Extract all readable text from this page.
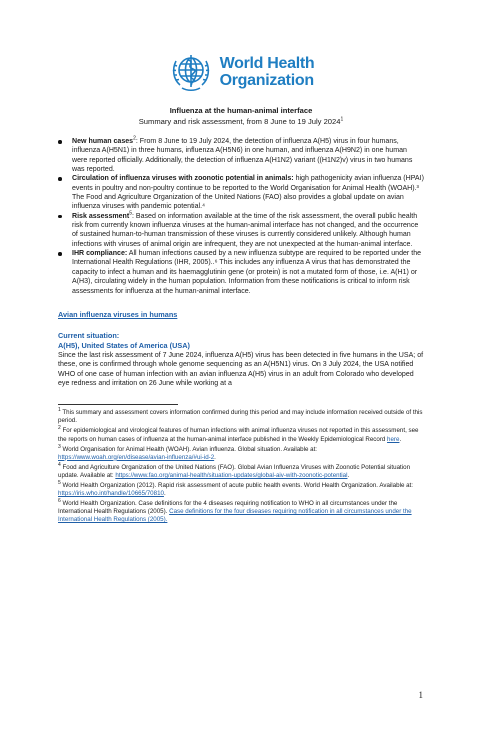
World Health
Organization
Influenza at the human-animal interface
Summary and risk assessment, from 8 June to 19 July 2024$^1$
New human cases$^2$: From 8 June to 19 July 2024, the detection of influenza A(H5) virus in four humans, influenza A(H5N1) in three humans, influenza A(H5N6) in one human, and influenza A(H9N2) in one human were reported officially. Additionally, the detection of influenza A(H1N2) variant ((H1N2)v) virus in two humans was reported.
Circulation of influenza viruses with zoonotic potential in animals: high pathogenicity avian influenza (HPAI) events in poultry and non-poultry continue to be reported to the World Organisation for Animal Health (WOAH).³ The Food and Agriculture Organization of the United Nations (FAO) also provides a global update on avian influenza viruses with pandemic potential.⁴
Risk assessment$^5$: Based on information available at the time of the risk assessment, the overall public health risk from currently known influenza viruses at the human-animal interface has not changed, and the occurrence of sustained human-to-human transmission of these viruses is currently considered unlikely. Although human infections with viruses of animal origin are infrequent, they are not unexpected at the human-animal interface.
IHR compliance: All human infections caused by a new influenza subtype are required to be reported under the International Health Regulations (IHR, 2005)..⁶ This includes any influenza A virus that has demonstrated the capacity to infect a human and its haemagglutinin gene (or protein) is not a mutated form of those, i.e. A(H1) or A(H3), circulating widely in the human population. Information from these notifications is critical to inform risk assessments for influenza at the human-animal interface.
Avian influenza viruses in humans
Current situation:
A(H5), United States of America (USA)
Since the last risk assessment of 7 June 2024, influenza A(H5) virus has been detected in five humans in the USA; of these, one is confirmed through whole genome sequencing as an A(H5N1) virus. On 3 July 2024, the USA notified WHO of one case of human infection with an avian influenza A(H5) virus in an adult from Colorado who developed eye redness and irritation on 26 June while working at a
$^1$ This summary and assessment covers information confirmed during this period and may include information received outside of this period.
$^2$ For epidemiological and virological features of human infections with animal influenza viruses not reported in this assessment, see the reports on human cases of influenza at the human-animal interface published in the Weekly Epidemiological Record here.
$^3$ World Organisation for Animal Health (WOAH). Avian influenza. Global situation. Available at: https://www.woah.org/en/disease/avian-influenza/#ui-id-2.
$^4$ Food and Agriculture Organization of the United Nations (FAO). Global Avian Influenza Viruses with Zoonotic Potential situation update. Available at: https://www.fao.org/animal-health/situation-updates/global-aiv-with-zoonotic-potential.
$^5$ World Health Organization (2012). Rapid risk assessment of acute public health events. World Health Organization. Available at: https://iris.who.int/handle/10665/70810.
$^6$ World Health Organization. Case definitions for the 4 diseases requiring notification to WHO in all circumstances under the International Health Regulations (2005). Case definitions for the four diseases requiring notification in all circumstances under the International Health Regulations (2005).
1
